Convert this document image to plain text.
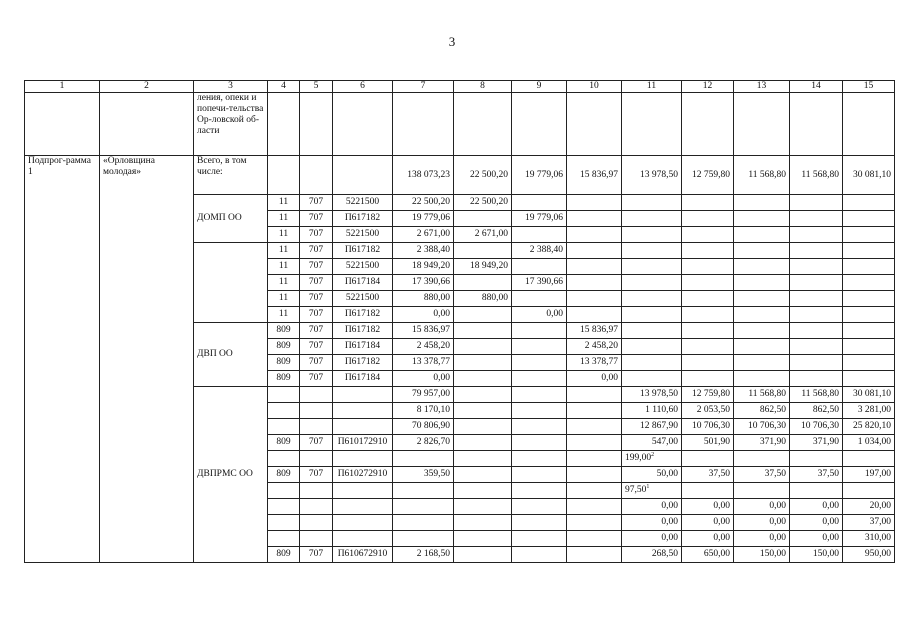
3
1	2	3	4	5	6	7	8	9	10	11	12	13	14	15
		ления, опеки и попечи-тельства Ор-ловской об-ласти												
Подпрог-рамма 1	«Орловщина молодая»	Всего, в том числе:				138 073,23	22 500,20	19 779,06	15 836,97	13 978,50	12 759,80	11 568,80	11 568,80	30 081,10
		ДОМП ОО	11	707	5221500	22 500,20	22 500,20							
			11	707	П617182	19 779,06		19 779,06						
			11	707	5221500	2 671,00	2 671,00							
			11	707	П617182	2 388,40		2 388,40						
			11	707	5221500	18 949,20	18 949,20							
			11	707	П617184	17 390,66		17 390,66						
			11	707	5221500	880,00	880,00							
			11	707	П617182	0,00		0,00						
		ДВП ОО	809	707	П617182	15 836,97			15 836,97					
			809	707	П617184	2 458,20			2 458,20					
			809	707	П617182	13 378,77			13 378,77					
			809	707	П617184	0,00			0,00					
		ДВПРМС ОО				79 957,00				13 978,50	12 759,80	11 568,80	11 568,80	30 081,10
						8 170,10				1 110,60	2 053,50	862,50	862,50	3 281,00
						70 806,90				12 867,90	10 706,30	10 706,30	10 706,30	25 820,10
			809	707	П610172910	2 826,70				547,00	501,90	371,90	371,90	1 034,00
										199,00$^2$				
			809	707	П610272910	359,50				50,00	37,50	37,50	37,50	197,00
										97,50$^1$				
										0,00	0,00	0,00	0,00	20,00
										0,00	0,00	0,00	0,00	37,00
										0,00	0,00	0,00	0,00	310,00
			809	707	П610672910	2 168,50				268,50	650,00	150,00	150,00	950,00
